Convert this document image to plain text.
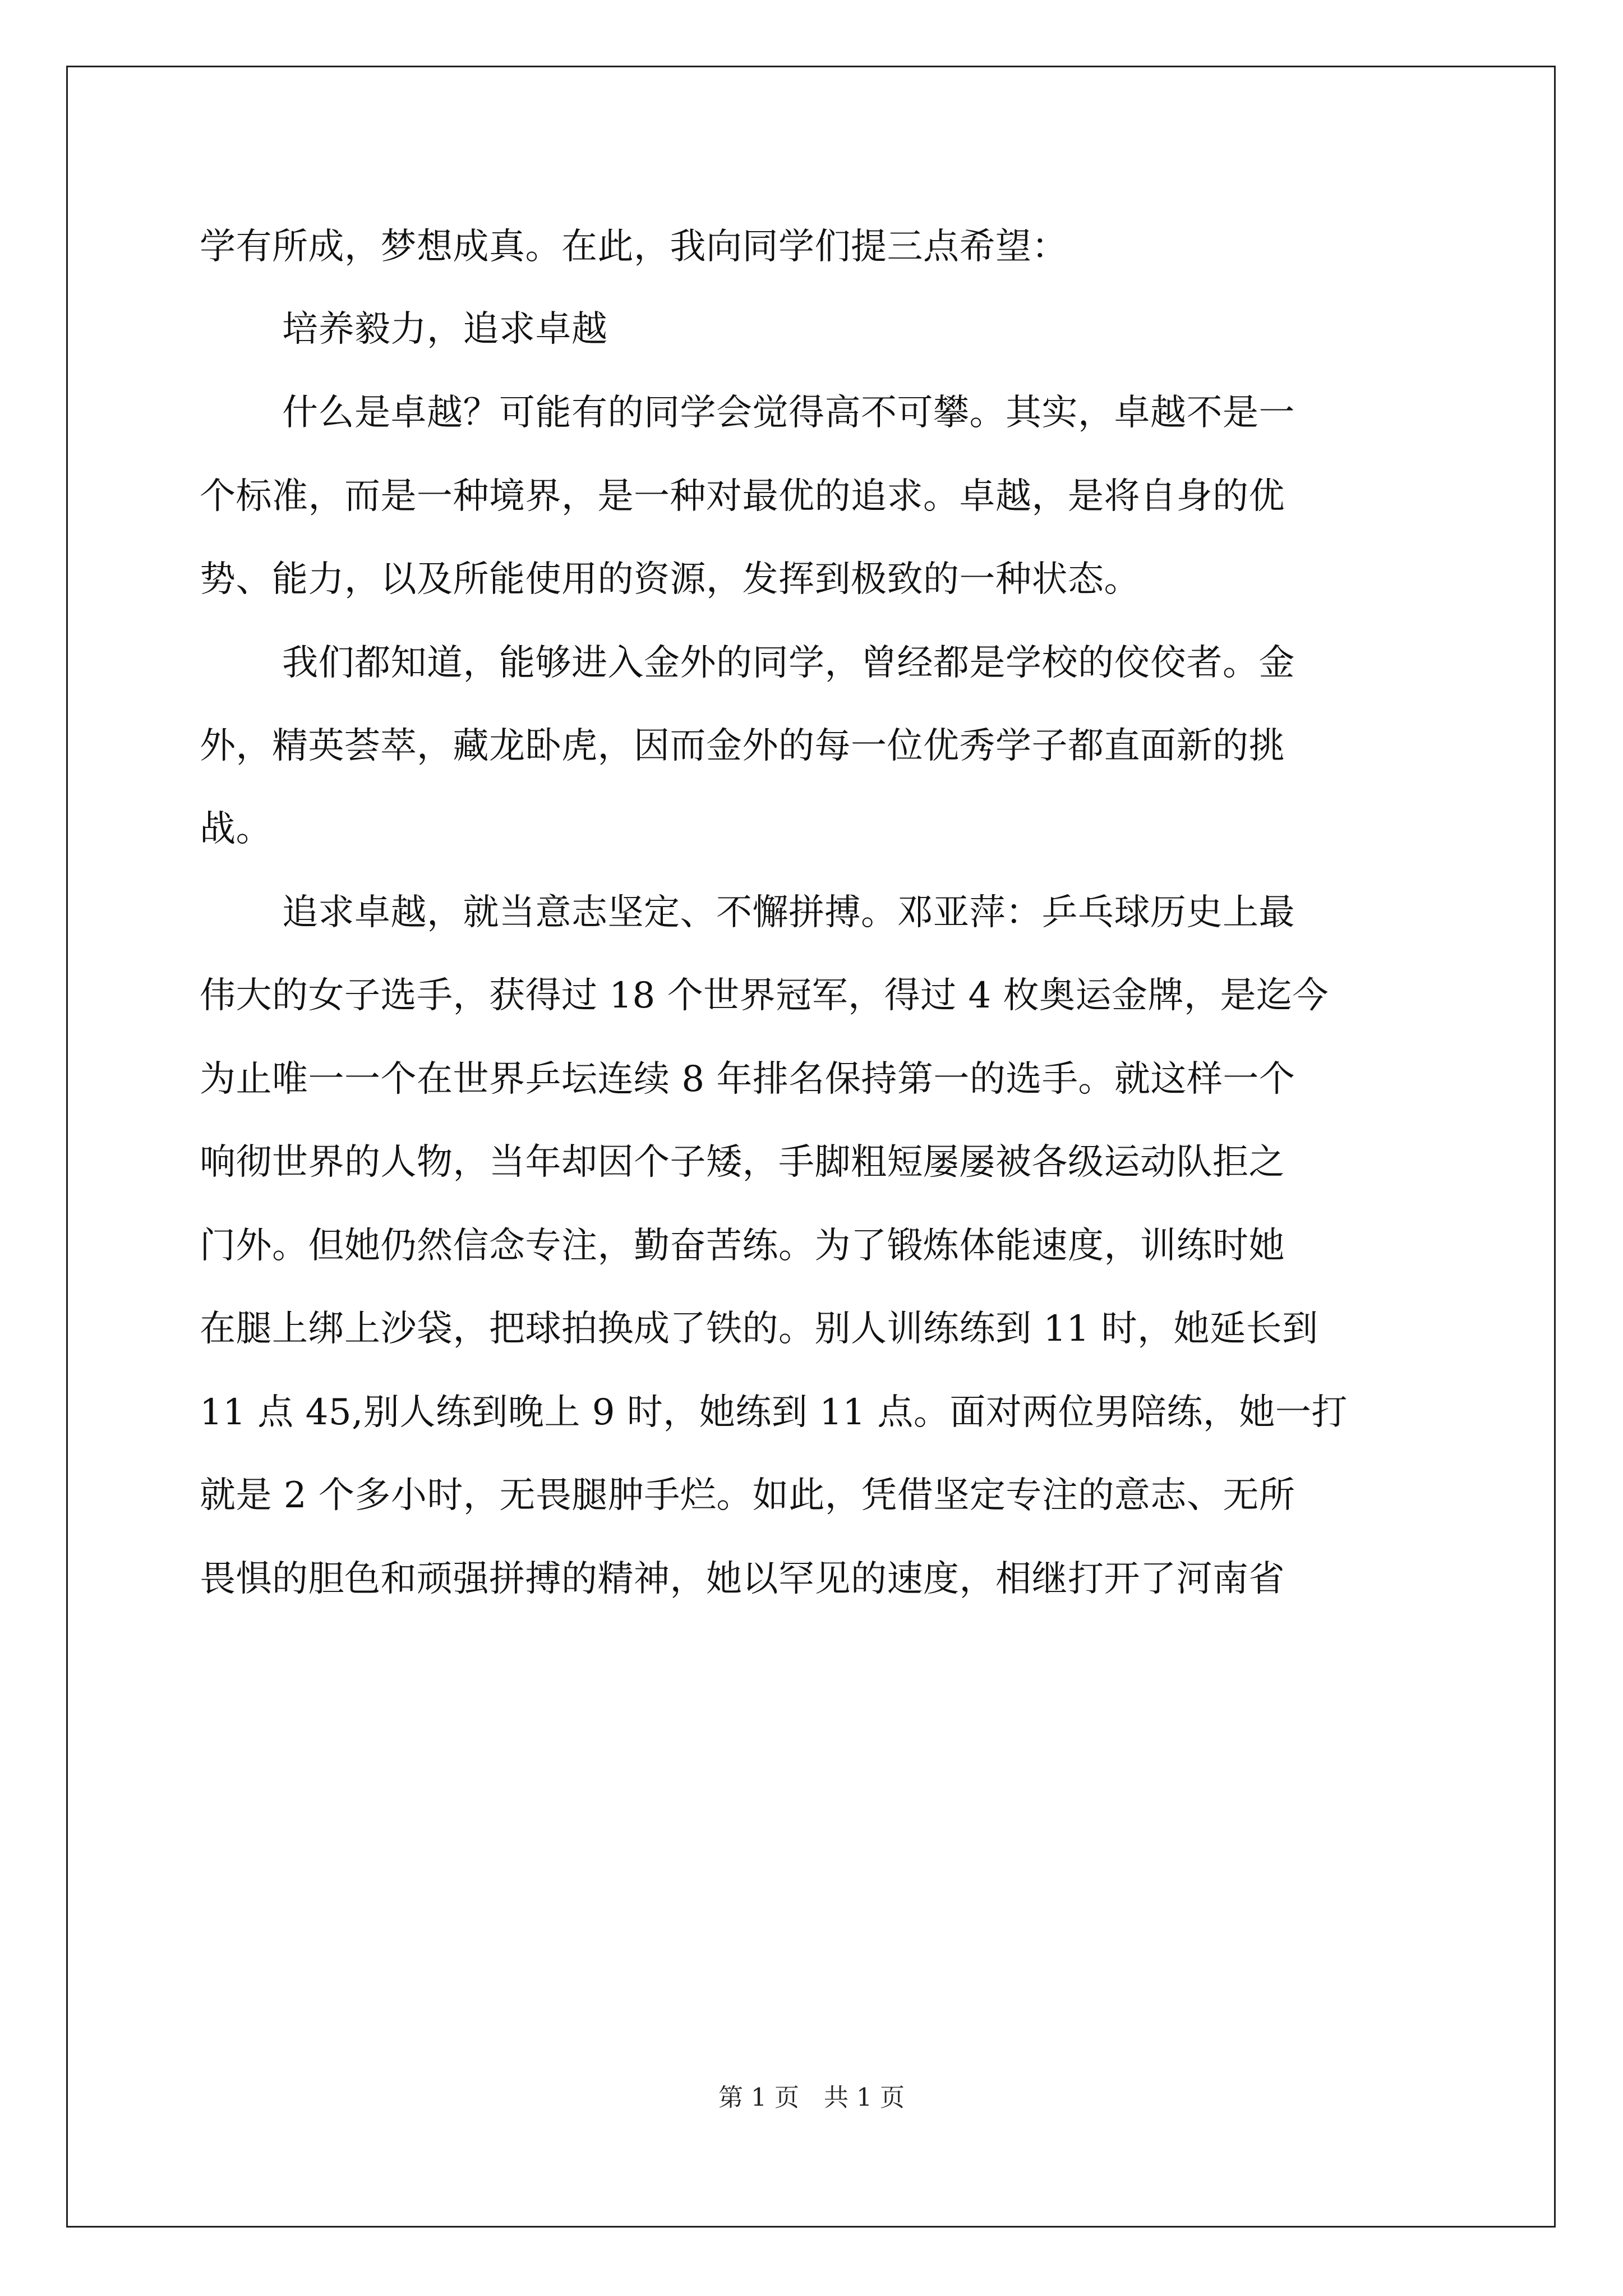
学有所成，梦想成真。在此，我向同学们提三点希望：
培养毅力，追求卓越
什么是卓越？可能有的同学会觉得高不可攀。其实，卓越不是一
个标准，而是一种境界，是一种对最优的追求。卓越，是将自身的优
势、能力，以及所能使用的资源，发挥到极致的一种状态。
我们都知道，能够进入金外的同学，曾经都是学校的佼佼者。金
外，精英荟萃，藏龙卧虎，因而金外的每一位优秀学子都直面新的挑
战。
追求卓越，就当意志坚定、不懈拼搏。邓亚萍：乒乓球历史上最
伟大的女子选手，获得过 18 个世界冠军，得过 4 枚奥运金牌，是迄今
为止唯一一个在世界乒坛连续 8 年排名保持第一的选手。就这样一个
响彻世界的人物，当年却因个子矮，手脚粗短屡屡被各级运动队拒之
门外。但她仍然信念专注，勤奋苦练。为了锻炼体能速度，训练时她
在腿上绑上沙袋，把球拍换成了铁的。别人训练练到 11 时，她延长到
11 点 45,别人练到晚上 9 时，她练到 11 点。面对两位男陪练，她一打
就是 2 个多小时，无畏腿肿手烂。如此，凭借坚定专注的意志、无所
畏惧的胆色和顽强拼搏的精神，她以罕见的速度，相继打开了河南省
第 1 页　共 1 页
